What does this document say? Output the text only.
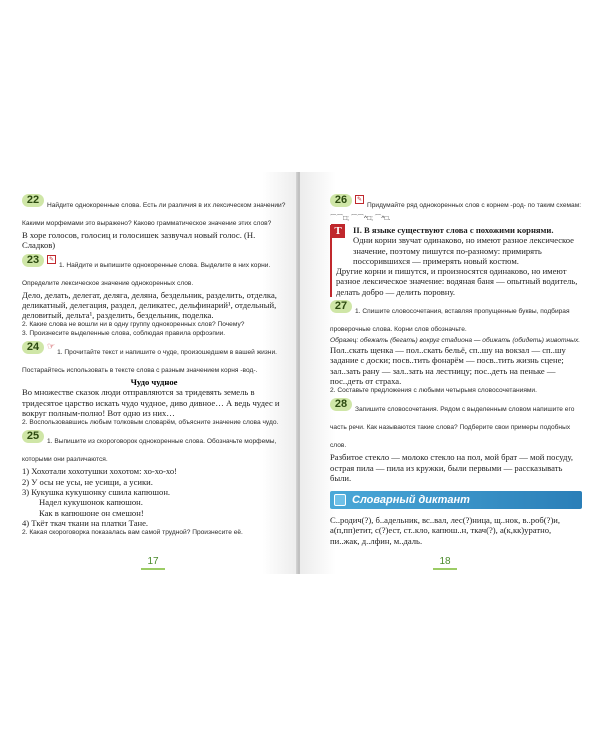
22 Найдите однокоренные слова. Есть ли различия в их лексическом значении? Какими морфемами это выражено? Каково грамматическое значение этих слов?
В хоре голосов, голосиц и голосишек зазвучал новый голос. (Н. Сладков)
23 ✎1. Найдите и выпишите однокоренные слова. Выделите в них корни. Определите лексическое значение однокоренных слов.
Дело, делать, делегат, деляга, деляна, бездельник, разделить, отделка, деликатный, делегация, раздел, деликатес, дельфинарий¹, отдельный, деловитый, дельта¹, разделить, бездельник, поделка.
2. Какие слова не вошли ни в одну группу однокоренных слов? Почему?
3. Произнесите выделенные слова, соблюдая правила орфоэпии.
24 ☞1. Прочитайте текст и напишите о чуде, произошедшем в вашей жизни. Постарайтесь использовать в тексте слова с разным значением корня -вод-.
Чудо чудное
Во множестве сказок люди отправляются за тридевять земель в тридесятое царство искать чудо чудное, диво дивное… А ведь чудес и вокруг полным-полно! Вот одно из них…
2. Воспользовавшись любым толковым словарём, объясните значение слова чудо.
25 1. Выпишите из скороговорок однокоренные слова. Обозначьте морфемы, которыми они различаются.
1) Хохотали хохотушки хохотом: хо-хо-хо!
2) У осы не усы, не усищи, а усики.
3) Кукушка кукушонку сшила капюшон.
Надел кукушонок капюшон.
Как в капюшоне он смешон!
4) Ткёт ткач ткани на платки Тане.
2. Какая скороговорка показалась вам самой трудной? Произнесите её.
17
26 ✎Придумайте ряд однокоренных слов с корнем -род- по таким схемам:
⌒⌒□; ⌒⌒^□; ⌒^□.
Т	II. В языке существуют слова с похожими корнями.
Одни корни звучат одинаково, но имеют разное лексическое значение, поэтому пишутся по-разному: примирять поссорившихся — примерять новый костюм.
Другие корни и пишутся, и произносятся одинаково, но имеют разное лексическое значение: водяная баня — опытный водитель, делать добро — делить поровну.
27 1. Спишите словосочетания, вставляя пропущенные буквы, подбирая проверочные слова. Корни слов обозначьте.
Образец: обежать (бегать) вокруг стадиона — обижать (обидеть) животных.
Пол..скать щенка — пол..скать бельё, сп..шу на вокзал — сп..шу задание с доски; посв..тить фонарём — посв..тить жизнь сцене; зал..зать рану — зал..зать на лестницу; пос..деть на пеньке — пос..деть от страха.
2. Составьте предложения с любыми четырьмя словосочетаниями.
28 Запишите словосочетания. Рядом с выделенным словом напишите его часть речи. Как называются такие слова? Подберите свои примеры подобных слов.
Разбитое стекло — молоко стекло на пол, мой брат — мой посуду, острая пила — пила из кружки, были первыми — рассказывать были.
Словарный диктант
С..родич(?), б..адельник, вс..вал, лес(?)ница, щ..нок, в..роб(?)и, а(п,пп)етит, с(?)ест, ст..кло, капюш..н, ткач(?), а(к,кк)уратно, пи..жак, д..лфин, м..даль.
18
